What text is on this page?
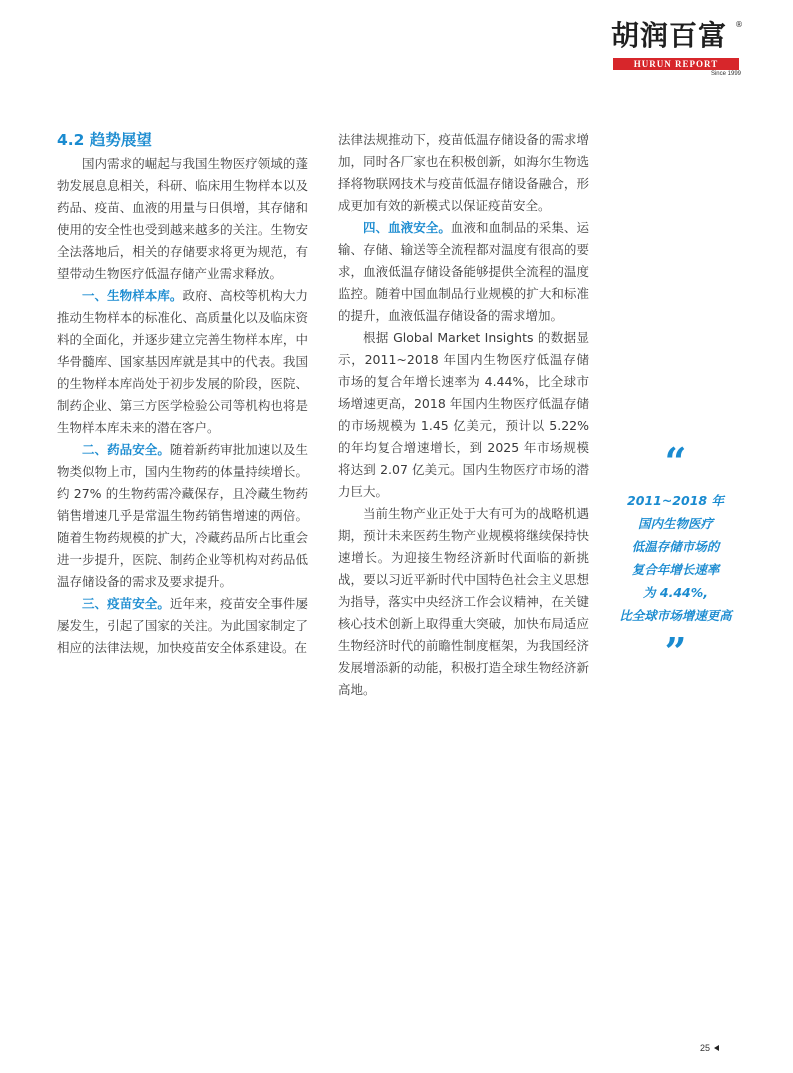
胡润百富 ®
HURUN REPORT
Since 1999
4.2 趋势展望

国内需求的崛起与我国生物医疗领域的蓬勃发展息息相关，科研、临床用生物样本以及药品、疫苗、血液的用量与日俱增，其存储和使用的安全性也受到越来越多的关注。生物安全法落地后，相关的存储要求将更为规范，有望带动生物医疗低温存储产业需求释放。

一、生物样本库。政府、高校等机构大力推动生物样本的标准化、高质量化以及临床资料的全面化，并逐步建立完善生物样本库，中华骨髓库、国家基因库就是其中的代表。我国的生物样本库尚处于初步发展的阶段，医院、制药企业、第三方医学检验公司等机构也将是生物样本库未来的潜在客户。

二、药品安全。随着新药审批加速以及生物类似物上市，国内生物药的体量持续增长。约 27% 的生物药需冷藏保存，且冷藏生物药销售增速几乎是常温生物药销售增速的两倍。随着生物药规模的扩大，冷藏药品所占比重会进一步提升，医院、制药企业等机构对药品低温存储设备的需求及要求提升。

三、疫苗安全。近年来，疫苗安全事件屡屡发生，引起了国家的关注。为此国家制定了相应的法律法规，加快疫苗安全体系建设。在

法律法规推动下，疫苗低温存储设备的需求增加，同时各厂家也在积极创新，如海尔生物选择将物联网技术与疫苗低温存储设备融合，形成更加有效的新模式以保证疫苗安全。

四、血液安全。血液和血制品的采集、运输、存储、输送等全流程都对温度有很高的要求，血液低温存储设备能够提供全流程的温度监控。随着中国血制品行业规模的扩大和标准的提升，血液低温存储设备的需求增加。

根据 Global Market Insights 的数据显示，2011~2018 年国内生物医疗低温存储市场的复合年增长速率为 4.44%，比全球市场增速更高，2018 年国内生物医疗低温存储的市场规模为 1.45 亿美元，预计以 5.22% 的年均复合增速增长，到 2025 年市场规模将达到 2.07 亿美元。国内生物医疗市场的潜力巨大。

当前生物产业正处于大有可为的战略机遇期，预计未来医药生物产业规模将继续保持快速增长。为迎接生物经济新时代面临的新挑战，要以习近平新时代中国特色社会主义思想为指导，落实中央经济工作会议精神，在关键核心技术创新上取得重大突破，加快布局适应生物经济时代的前瞻性制度框架，为我国经济发展增添新的动能，积极打造全球生物经济新高地。

“
2011~2018 年
国内生物医疗
低温存储市场的
复合年增长速率
为 4.44%,
比全球市场增速更高
”
25
